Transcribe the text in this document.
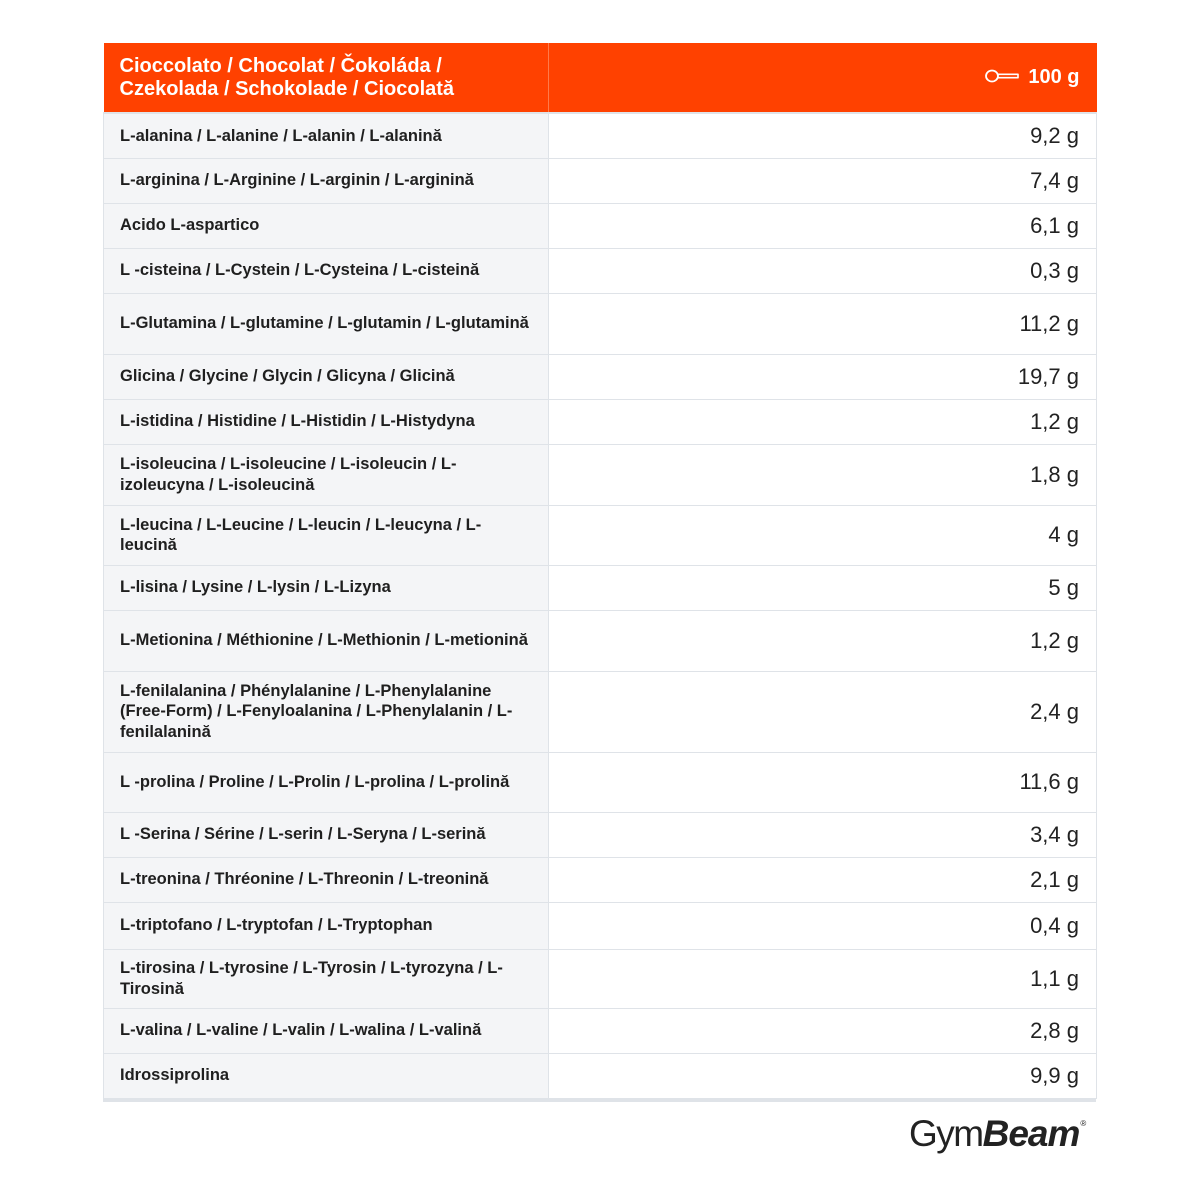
Cioccolato / Chocolat / Čokoláda / Czekolada / Schokolade / Ciocolată	100 g

L-alanina / L-alanine / L-alanin / L-alanină	9,2 g
L-arginina / L-Arginine / L-arginin / L-arginină	7,4 g
Acido L-aspartico	6,1 g
L -cisteina / L-Cystein / L-Cysteina / L-cisteină	0,3 g
L-Glutamina / L-glutamine / L-glutamin / L-glutamină	11,2 g
Glicina / Glycine / Glycin / Glicyna / Glicină	19,7 g
L-istidina / Histidine / L-Histidin / L-Histydyna	1,2 g
L-isoleucina / L-isoleucine / L-isoleucin / L-izoleucyna / L-isoleucină	1,8 g
L-leucina / L-Leucine / L-leucin / L-leucyna / L-leucină	4 g
L-lisina / Lysine / L-lysin / L-Lizyna	5 g
L-Metionina / Méthionine / L-Methionin / L-metionină	1,2 g
L-fenilalanina / Phénylalanine / L-Phenylalanine (Free-Form) / L-Fenyloalanina / L-Phenylalanin / L-fenilalanină	2,4 g
L -prolina / Proline / L-Prolin / L-prolina / L-prolină	11,6 g
L -Serina / Sérine / L-serin / L-Seryna / L-serină	3,4 g
L-treonina / Thréonine / L-Threonin / L-treonină	2,1 g
L-triptofano / L-tryptofan / L-Tryptophan	0,4 g
L-tirosina / L-tyrosine / L-Tyrosin / L-tyrozyna / L-Tirosină	1,1 g
L-valina / L-valine / L-valin / L-walina / L-valină	2,8 g
Idrossiprolina	9,9 g
GymBeam®
